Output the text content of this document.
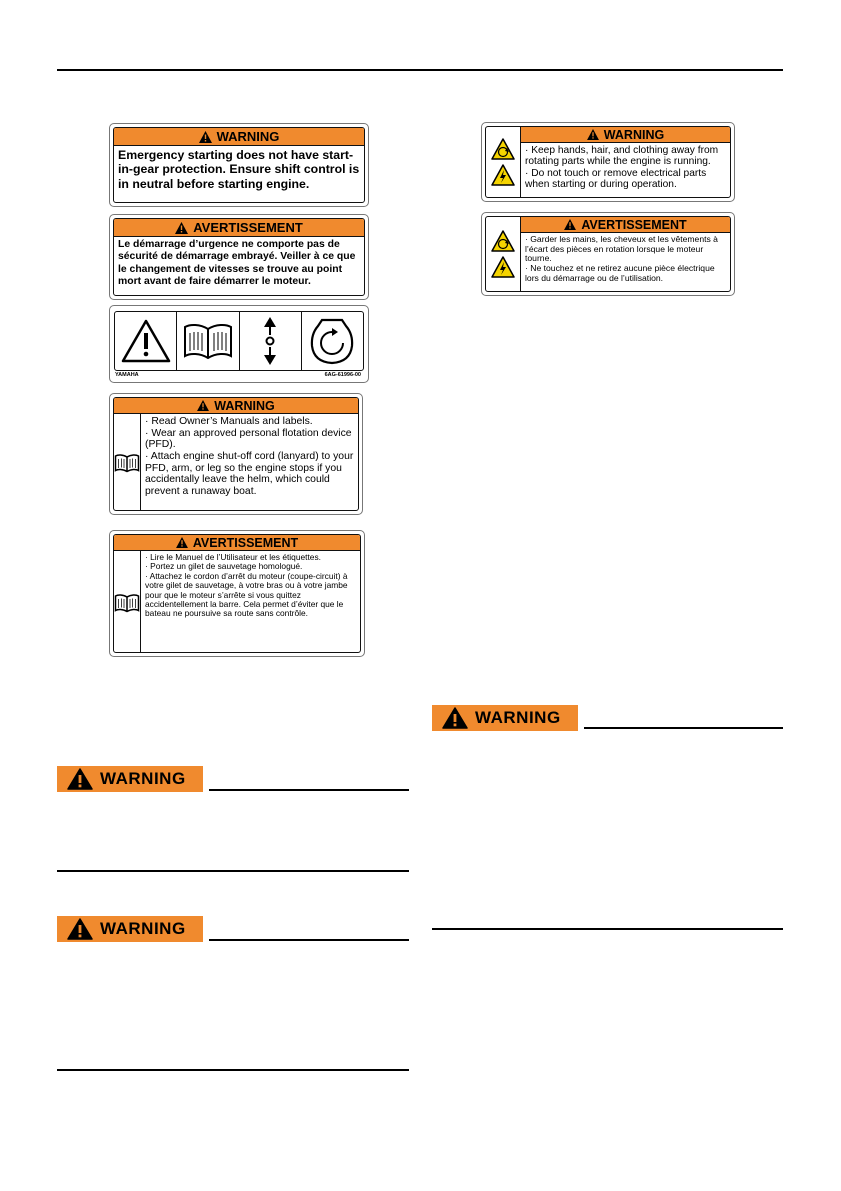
WARNING
Emergency starting does not have start-in-gear protection. Ensure shift control is in neutral before starting engine.
AVERTISSEMENT
Le démarrage d’urgence ne comporte pas de sécurité de démarrage embrayé. Veiller à ce que le changement de vitesses se trouve au point mort avant de faire démarrer le moteur.
YAMAHA	6AG-61996-00
WARNING
· Read Owner’s Manuals and labels.
· Wear an approved personal flotation device (PFD).
· Attach engine shut-off cord (lanyard) to your PFD, arm, or leg so the engine stops if you accidentally leave the helm, which could prevent a runaway boat.
AVERTISSEMENT
· Lire le Manuel de l’Utilisateur et les étiquettes.
· Portez un gilet de sauvetage homologué.
· Attachez le cordon d’arrêt du moteur (coupe-circuit) à votre gilet de sauvetage, à votre bras ou à votre jambe pour que le moteur s’arrête si vous quittez accidentellement la barre. Cela permet d’éviter que le bateau ne poursuive sa route sans contrôle.
WARNING
· Keep hands, hair, and clothing away from rotating parts while the engine is running.
· Do not touch or remove electrical parts when starting or during operation.
AVERTISSEMENT
· Garder les mains, les cheveux et les vêtements à l’écart des pièces en rotation lorsque le moteur tourne.
· Ne touchez et ne retirez aucune pièce électrique lors du démarrage ou de l’utilisation.
WARNING
WARNING
WARNING
